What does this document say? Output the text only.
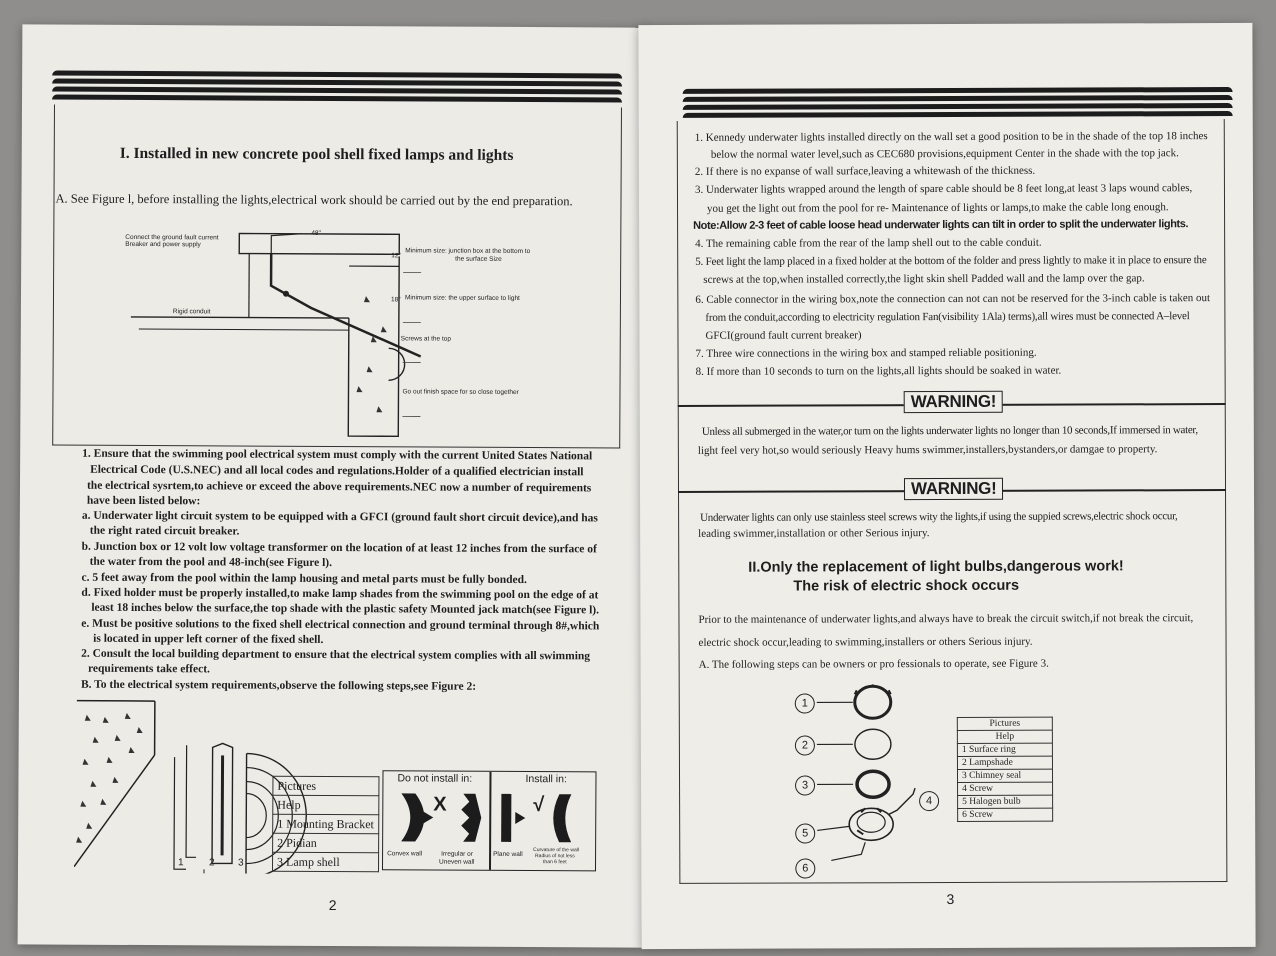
I. Installed in new concrete pool shell fixed lamps and lights
A. See Figure l, before installing the lights,electrical work should be carried out by the end preparation.
Connect the ground fault current
Breaker and power supply
48"
Minimum size: junction box at the bottom to
the surface Size
12"
18" Minimum size: the upper surface to light
Rigid conduit
Screws at the top
Go out finish space for so close together
1. Ensure that the swimming pool electrical system must comply with the current United States National
Electrical Code (U.S.NEC) and all local codes and regulations.Holder of a qualified electrician install
the electrical sysrtem,to achieve or exceed the above requirements.NEC now a number of requirements
have been listed below:
a. Underwater light circuit system to be equipped with a GFCI (ground fault short circuit device),and has
the right rated circuit breaker.
b. Junction box or 12 volt low voltage transformer on the location of at least 12 inches from the surface of
the water from the pool and 48-inch(see Figure l).
c. 5 feet away from the pool within the lamp housing and metal parts must be fully bonded.
d. Fixed holder must be properly installed,to make lamp shades from the swimming pool on the edge of at
least 18 inches below the surface,the top shade with the plastic safety Mounted jack match(see Figure l).
e. Must be positive solutions to the fixed shell electrical connection and ground terminal through 8#,which
is located in upper left corner of the fixed shell.
2. Consult the local building department to ensure that the electrical system complies with all swimming
requirements take effect.
B. To the electrical system requirements,observe the following steps,see Figure 2:
1	2 3
Pictures
Help
1 Mounting Bracket
2 Pidian
3 Lamp shell
Do not install in:	Install in:
X	√
Convex wall	Irregular or
Uneven wall
Plane wall
Curvature of the wall
Radius of not less
than 6 feet
2
1. Kennedy underwater lights installed directly on the wall set a good position to be in the shade of the top 18 inches
below the normal water level,such as CEC680 provisions,equipment Center in the shade with the top jack.
2. If there is no expanse of wall surface,leaving a whitewash of the thickness.
3. Underwater lights wrapped around the length of spare cable should be 8 feet long,at least 3 laps wound cables,
you get the light out from the pool for re- Maintenance of lights or lamps,to make the cable long enough.
Note:Allow 2-3 feet of cable loose head underwater lights can tilt in order to split the underwater lights.
4. The remaining cable from the rear of the lamp shell out to the cable conduit.
5. Feet light the lamp placed in a fixed holder at the bottom of the folder and press lightly to make it in place to ensure the
screws at the top,when installed correctly,the light skin shell Padded wall and the lamp over the gap.
6. Cable connector in the wiring box,note the connection can not can not be reserved for the 3-inch cable is taken out
from the conduit,according to electricity regulation Fan(visibility 1Ala) terms),all wires must be connected A–level
GFCI(ground fault current breaker)
7. Three wire connections in the wiring box and stamped reliable positioning.
8. If more than 10 seconds to turn on the lights,all lights should be soaked in water.
WARNING!
Unless all submerged in the water,or turn on the lights underwater lights no longer than 10 seconds,If immersed in water,
light feel very hot,so would seriously Heavy hums swimmer,installers,bystanders,or damgae to property.
WARNING!
Underwater lights can only use stainless steel screws wity the lights,if using the suppied screws,electric shock occur,
leading swimmer,installation or other Serious injury.
II.Only the replacement of light bulbs,dangerous work!
The risk of electric shock occurs
Prior to the maintenance of underwater lights,and always have to break the circuit switch,if not break the circuit,
electric shock occur,leading to swimming,installers or others Serious injury.
A. The following steps can be owners or pro fessionals to operate, see Figure 3.
1
2
3
4
5
6
Pictures
Help
1 Surface ring
2 Lampshade
3 Chimney seal
4 Screw
5 Halogen bulb
6 Screw
3
